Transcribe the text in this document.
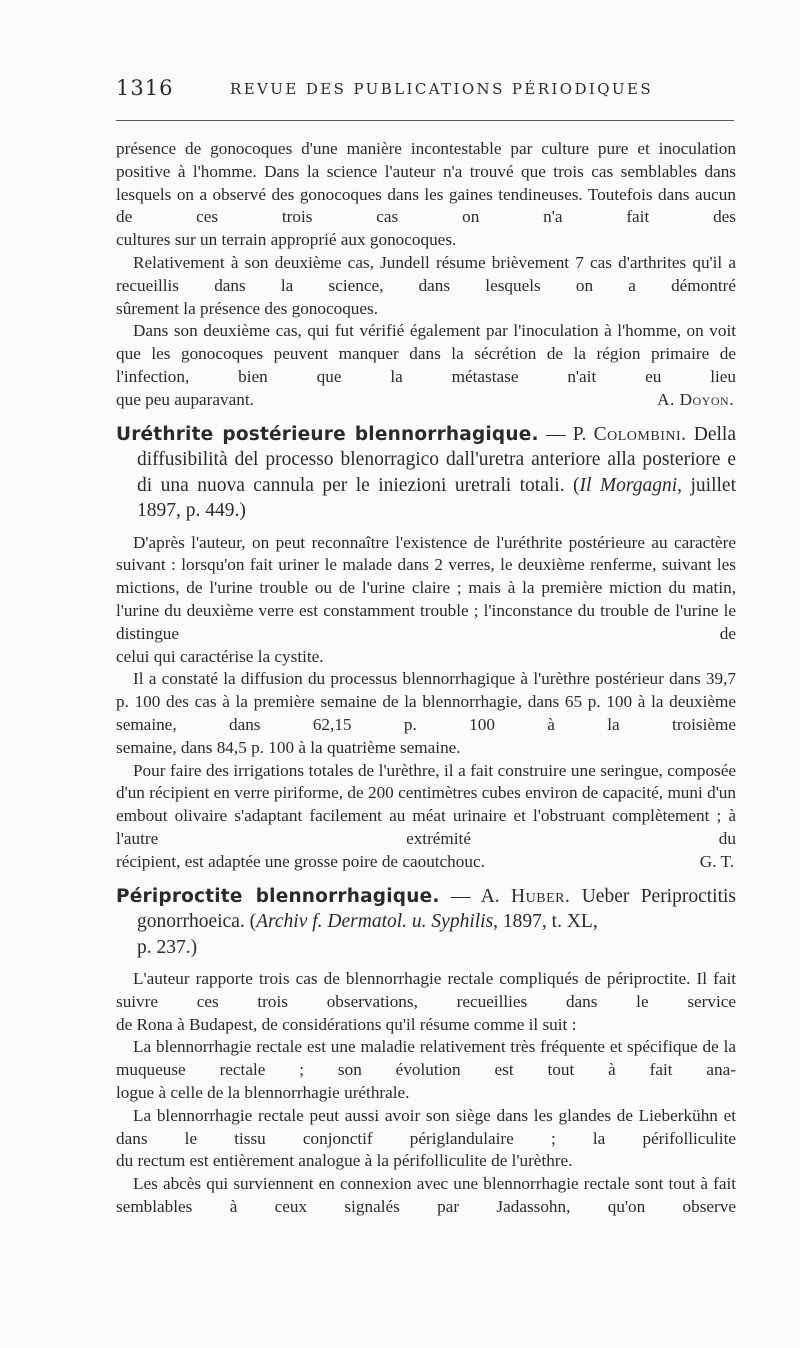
1316	REVUE DES PUBLICATIONS PÉRIODIQUES

présence de gonocoques d'une manière incontestable par culture pure et inoculation positive à l'homme. Dans la science l'auteur n'a trouvé que trois cas semblables dans lesquels on a observé des gonocoques dans les gaines tendineuses. Toutefois dans aucun de ces trois cas on n'a fait des

cultures sur un terrain approprié aux gonocoques.

Relativement à son deuxième cas, Jundell résume brièvement 7 cas d'arthrites qu'il a recueillis dans la science, dans lesquels on a démontré

sûrement la présence des gonocoques.

Dans son deuxième cas, qui fut vérifié également par l'inoculation à l'homme, on voit que les gonocoques peuvent manquer dans la sécrétion de la région primaire de l'infection, bien que la métastase n'ait eu lieu

que peu auparavant.	A. Doyon.
Uréthrite postérieure blennorrhagique. — P. Colombini. Della
diffusibilità del processo blenorragico dall'uretra anteriore alla posteriore e di una nuova cannula per le iniezioni uretrali totali. (Il Morgagni, juillet 1897, p. 449.)

D'après l'auteur, on peut reconnaître l'existence de l'uréthrite postérieure au caractère suivant : lorsqu'on fait uriner le malade dans 2 verres, le deuxième renferme, suivant les mictions, de l'urine trouble ou de l'urine claire ; mais à la première miction du matin, l'urine du deuxième verre est constamment trouble ; l'inconstance du trouble de l'urine le distingue de

celui qui caractérise la cystite.

Il a constaté la diffusion du processus blennorrhagique à l'urèthre postérieur dans 39,7 p. 100 des cas à la première semaine de la blennorrhagie, dans 65 p. 100 à la deuxième semaine, dans 62,15 p. 100 à la troisième

semaine, dans 84,5 p. 100 à la quatrième semaine.

Pour faire des irrigations totales de l'urèthre, il a fait construire une seringue, composée d'un récipient en verre piriforme, de 200 centimètres cubes environ de capacité, muni d'un embout olivaire s'adaptant facilement au méat urinaire et l'obstruant complètement ; à l'autre extrémité du

récipient, est adaptée une grosse poire de caoutchouc.	G. T.
Périproctite blennorrhagique. — A. Huber. Ueber Periproctitis
gonorrhoeica. (Archiv f. Dermatol. u. Syphilis, 1897, t. XL,
p. 237.)

L'auteur rapporte trois cas de blennorrhagie rectale compliqués de périproctite. Il fait suivre ces trois observations, recueillies dans le service

de Rona à Budapest, de considérations qu'il résume comme il suit :

La blennorrhagie rectale est une maladie relativement très fréquente et spécifique de la muqueuse rectale ; son évolution est tout à fait ana-

logue à celle de la blennorrhagie uréthrale.

La blennorrhagie rectale peut aussi avoir son siège dans les glandes de Lieberkühn et dans le tissu conjonctif périglandulaire ; la périfolliculite

du rectum est entièrement analogue à la périfolliculite de l'urèthre.

Les abcès qui surviennent en connexion avec une blennorrhagie rectale sont tout à fait semblables à ceux signalés par Jadassohn, qu'on observe
